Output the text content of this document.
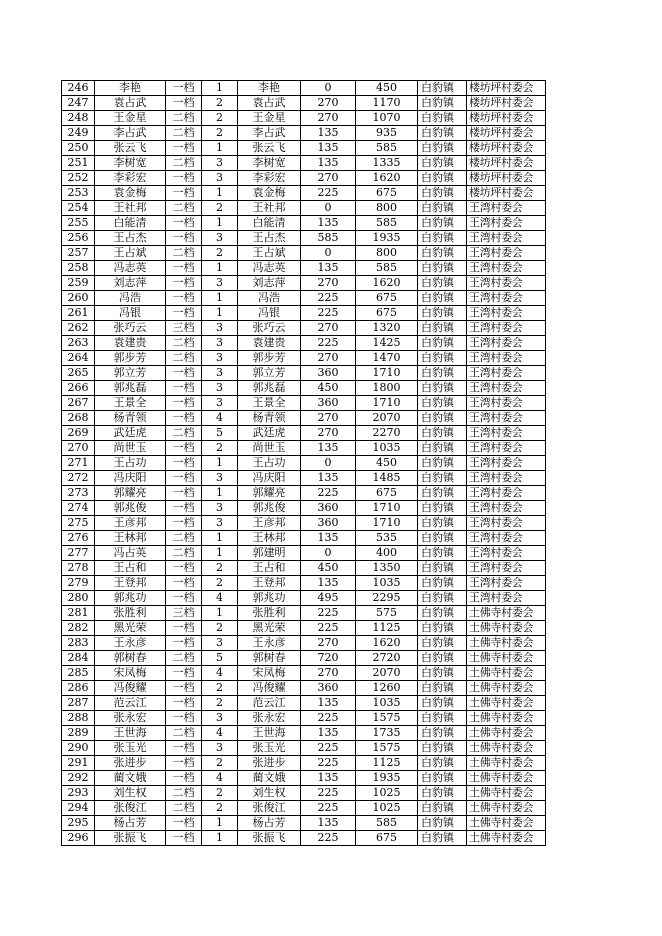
246	李艳	一档	1	李艳	0	450	白豹镇	楼坊坪村委会
247	袁占武	一档	2	袁占武	270	1170	白豹镇	楼坊坪村委会
248	王金星	二档	2	王金星	270	1070	白豹镇	楼坊坪村委会
249	李占武	二档	2	李占武	135	935	白豹镇	楼坊坪村委会
250	张云飞	一档	1	张云飞	135	585	白豹镇	楼坊坪村委会
251	李树宽	二档	3	李树宽	135	1335	白豹镇	楼坊坪村委会
252	李彩宏	一档	3	李彩宏	270	1620	白豹镇	楼坊坪村委会
253	袁金梅	一档	1	袁金梅	225	675	白豹镇	楼坊坪村委会
254	王社邦	二档	2	王社邦	0	800	白豹镇	王湾村委会
255	白能清	一档	1	白能清	135	585	白豹镇	王湾村委会
256	王占杰	一档	3	王占杰	585	1935	白豹镇	王湾村委会
257	王占斌	二档	2	王占斌	0	800	白豹镇	王湾村委会
258	冯志英	一档	1	冯志英	135	585	白豹镇	王湾村委会
259	刘志萍	一档	3	刘志萍	270	1620	白豹镇	王湾村委会
260	冯浩	一档	1	冯浩	225	675	白豹镇	王湾村委会
261	冯银	一档	1	冯银	225	675	白豹镇	王湾村委会
262	张巧云	三档	3	张巧云	270	1320	白豹镇	王湾村委会
263	袁建贵	二档	3	袁建贵	225	1425	白豹镇	王湾村委会
264	郭步芳	二档	3	郭步芳	270	1470	白豹镇	王湾村委会
265	郭立芳	一档	3	郭立芳	360	1710	白豹镇	王湾村委会
266	郭兆磊	一档	3	郭兆磊	450	1800	白豹镇	王湾村委会
267	王景全	一档	3	王景全	360	1710	白豹镇	王湾村委会
268	杨青领	一档	4	杨青领	270	2070	白豹镇	王湾村委会
269	武廷虎	二档	5	武廷虎	270	2270	白豹镇	王湾村委会
270	尚世玉	一档	2	尚世玉	135	1035	白豹镇	王湾村委会
271	王占功	一档	1	王占功	0	450	白豹镇	王湾村委会
272	冯庆阳	一档	3	冯庆阳	135	1485	白豹镇	王湾村委会
273	郭耀亮	一档	1	郭耀亮	225	675	白豹镇	王湾村委会
274	郭兆俊	一档	3	郭兆俊	360	1710	白豹镇	王湾村委会
275	王彦邦	一档	3	王彦邦	360	1710	白豹镇	王湾村委会
276	王林邦	二档	1	王林邦	135	535	白豹镇	王湾村委会
277	冯占英	二档	1	郭建明	0	400	白豹镇	王湾村委会
278	王占和	一档	2	王占和	450	1350	白豹镇	王湾村委会
279	王登邦	一档	2	王登邦	135	1035	白豹镇	王湾村委会
280	郭兆功	一档	4	郭兆功	495	2295	白豹镇	王湾村委会
281	张胜利	三档	1	张胜利	225	575	白豹镇	土佛寺村委会
282	黑光荣	一档	2	黑光荣	225	1125	白豹镇	土佛寺村委会
283	王永彦	一档	3	王永彦	270	1620	白豹镇	土佛寺村委会
284	郭树春	二档	5	郭树春	720	2720	白豹镇	土佛寺村委会
285	宋凤梅	一档	4	宋凤梅	270	2070	白豹镇	土佛寺村委会
286	冯俊耀	一档	2	冯俊耀	360	1260	白豹镇	土佛寺村委会
287	范云江	一档	2	范云江	135	1035	白豹镇	土佛寺村委会
288	张永宏	一档	3	张永宏	225	1575	白豹镇	土佛寺村委会
289	王世海	二档	4	王世海	135	1735	白豹镇	土佛寺村委会
290	张玉光	一档	3	张玉光	225	1575	白豹镇	土佛寺村委会
291	张进步	一档	2	张进步	225	1125	白豹镇	土佛寺村委会
292	蔺文娥	一档	4	蔺文娥	135	1935	白豹镇	土佛寺村委会
293	刘生权	二档	2	刘生权	225	1025	白豹镇	土佛寺村委会
294	张俊江	二档	2	张俊江	225	1025	白豹镇	土佛寺村委会
295	杨占芳	一档	1	杨占芳	135	585	白豹镇	土佛寺村委会
296	张振飞	一档	1	张振飞	225	675	白豹镇	土佛寺村委会
